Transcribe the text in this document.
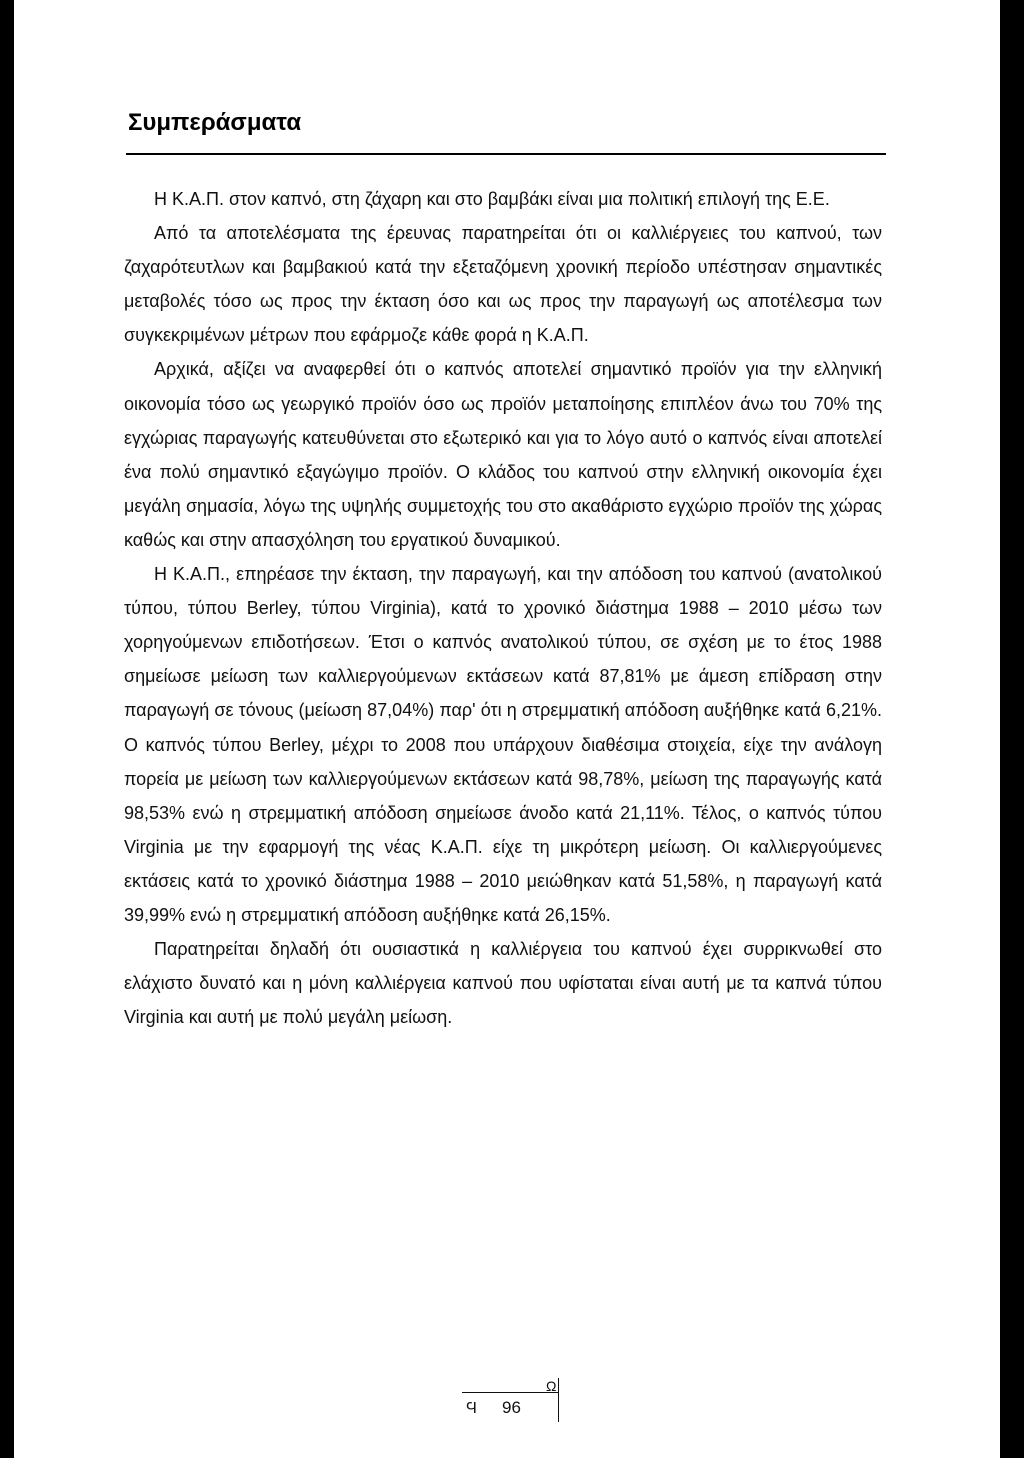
Συμπεράσματα

Η Κ.Α.Π. στον καπνό, στη ζάχαρη και στο βαμβάκι είναι μια πολιτική επιλογή της Ε.Ε.

Από τα αποτελέσματα της έρευνας παρατηρείται ότι οι καλλιέργειες του καπνού, των ζαχαρότευτλων και βαμβακιού κατά την εξεταζόμενη χρονική περίοδο υπέστησαν σημαντικές μεταβολές τόσο ως προς την έκταση όσο και ως προς την παραγωγή ως αποτέλεσμα των συγκεκριμένων μέτρων που εφάρμοζε κάθε φορά η Κ.Α.Π.

Αρχικά, αξίζει να αναφερθεί ότι ο καπνός αποτελεί σημαντικό προϊόν για την ελληνική οικονομία τόσο ως γεωργικό προϊόν όσο ως προϊόν μεταποίησης επιπλέον άνω του 70% της εγχώριας παραγωγής κατευθύνεται στο εξωτερικό και για το λόγο αυτό ο καπνός είναι αποτελεί ένα πολύ σημαντικό εξαγώγιμο προϊόν. Ο κλάδος του καπνού στην ελληνική οικονομία έχει μεγάλη σημασία, λόγω της υψηλής συμμετοχής του στο ακαθάριστο εγχώριο προϊόν της χώρας καθώς και στην απασχόληση του εργατικού δυναμικού.

Η Κ.Α.Π., επηρέασε την έκταση, την παραγωγή, και την απόδοση του καπνού (ανατολικού τύπου, τύπου Berley, τύπου Virginia), κατά το χρονικό διάστημα 1988 – 2010 μέσω των χορηγούμενων επιδοτήσεων. Έτσι ο καπνός ανατολικού τύπου, σε σχέση με το έτος 1988 σημείωσε μείωση των καλλιεργούμενων εκτάσεων κατά 87,81% με άμεση επίδραση στην παραγωγή σε τόνους (μείωση 87,04%) παρ' ότι η στρεμματική απόδοση αυξήθηκε κατά 6,21%. Ο καπνός τύπου Berley, μέχρι το 2008 που υπάρχουν διαθέσιμα στοιχεία, είχε την ανάλογη πορεία με μείωση των καλλιεργούμενων εκτάσεων κατά 98,78%, μείωση της παραγωγής κατά 98,53% ενώ η στρεμματική απόδοση σημείωσε άνοδο κατά 21,11%. Τέλος, ο καπνός τύπου Virginia με την εφαρμογή της νέας Κ.Α.Π. είχε τη μικρότερη μείωση. Οι καλλιεργούμενες εκτάσεις κατά το χρονικό διάστημα 1988 – 2010 μειώθηκαν κατά 51,58%, η παραγωγή κατά 39,99% ενώ η στρεμματική απόδοση αυξήθηκε κατά 26,15%.

Παρατηρείται δηλαδή ότι ουσιαστικά η καλλιέργεια του καπνού έχει συρρικνωθεί στο ελάχιστο δυνατό και η μόνη καλλιέργεια καπνού που υφίσταται είναι αυτή με τα καπνά τύπου Virginia και αυτή με πολύ μεγάλη μείωση.

Ω
Ϥ 96
